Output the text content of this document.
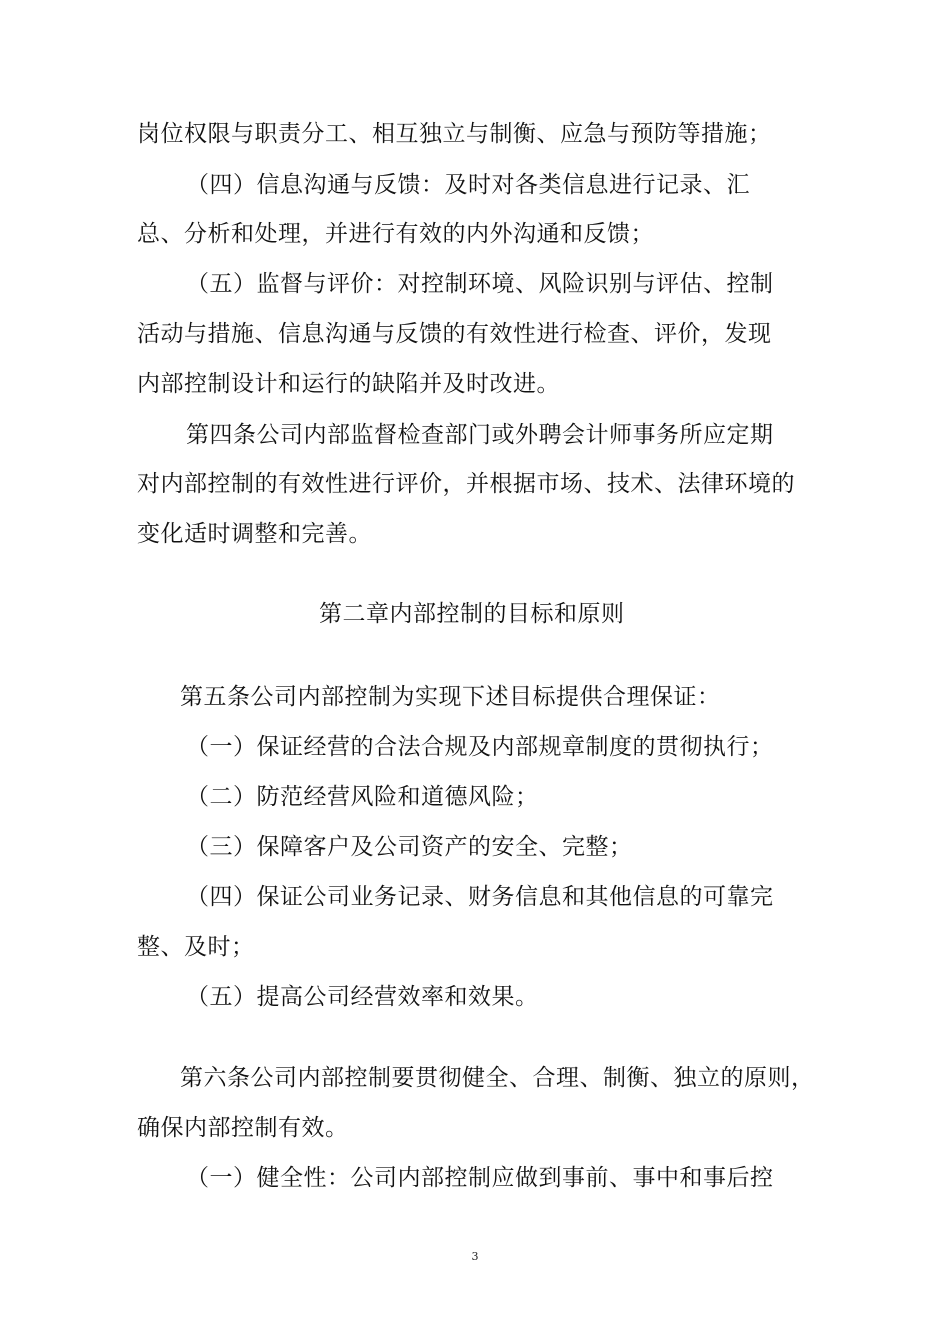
岗位权限与职责分工、相互独立与制衡、应急与预防等措施；
（四）信息沟通与反馈：及时对各类信息进行记录、汇
总、分析和处理，并进行有效的内外沟通和反馈；
（五）监督与评价：对控制环境、风险识别与评估、控制
活动与措施、信息沟通与反馈的有效性进行检查、评价，发现
内部控制设计和运行的缺陷并及时改进。
第四条公司内部监督检查部门或外聘会计师事务所应定期
对内部控制的有效性进行评价，并根据市场、技术、法律环境的
变化适时调整和完善。
第二章内部控制的目标和原则
第五条公司内部控制为实现下述目标提供合理保证：
（一）保证经营的合法合规及内部规章制度的贯彻执行；
（二）防范经营风险和道德风险；
（三）保障客户及公司资产的安全、完整；
（四）保证公司业务记录、财务信息和其他信息的可靠完
整、及时；
（五）提高公司经营效率和效果。
第六条公司内部控制要贯彻健全、合理、制衡、独立的原则，
确保内部控制有效。
（一）健全性：公司内部控制应做到事前、事中和事后控
3
